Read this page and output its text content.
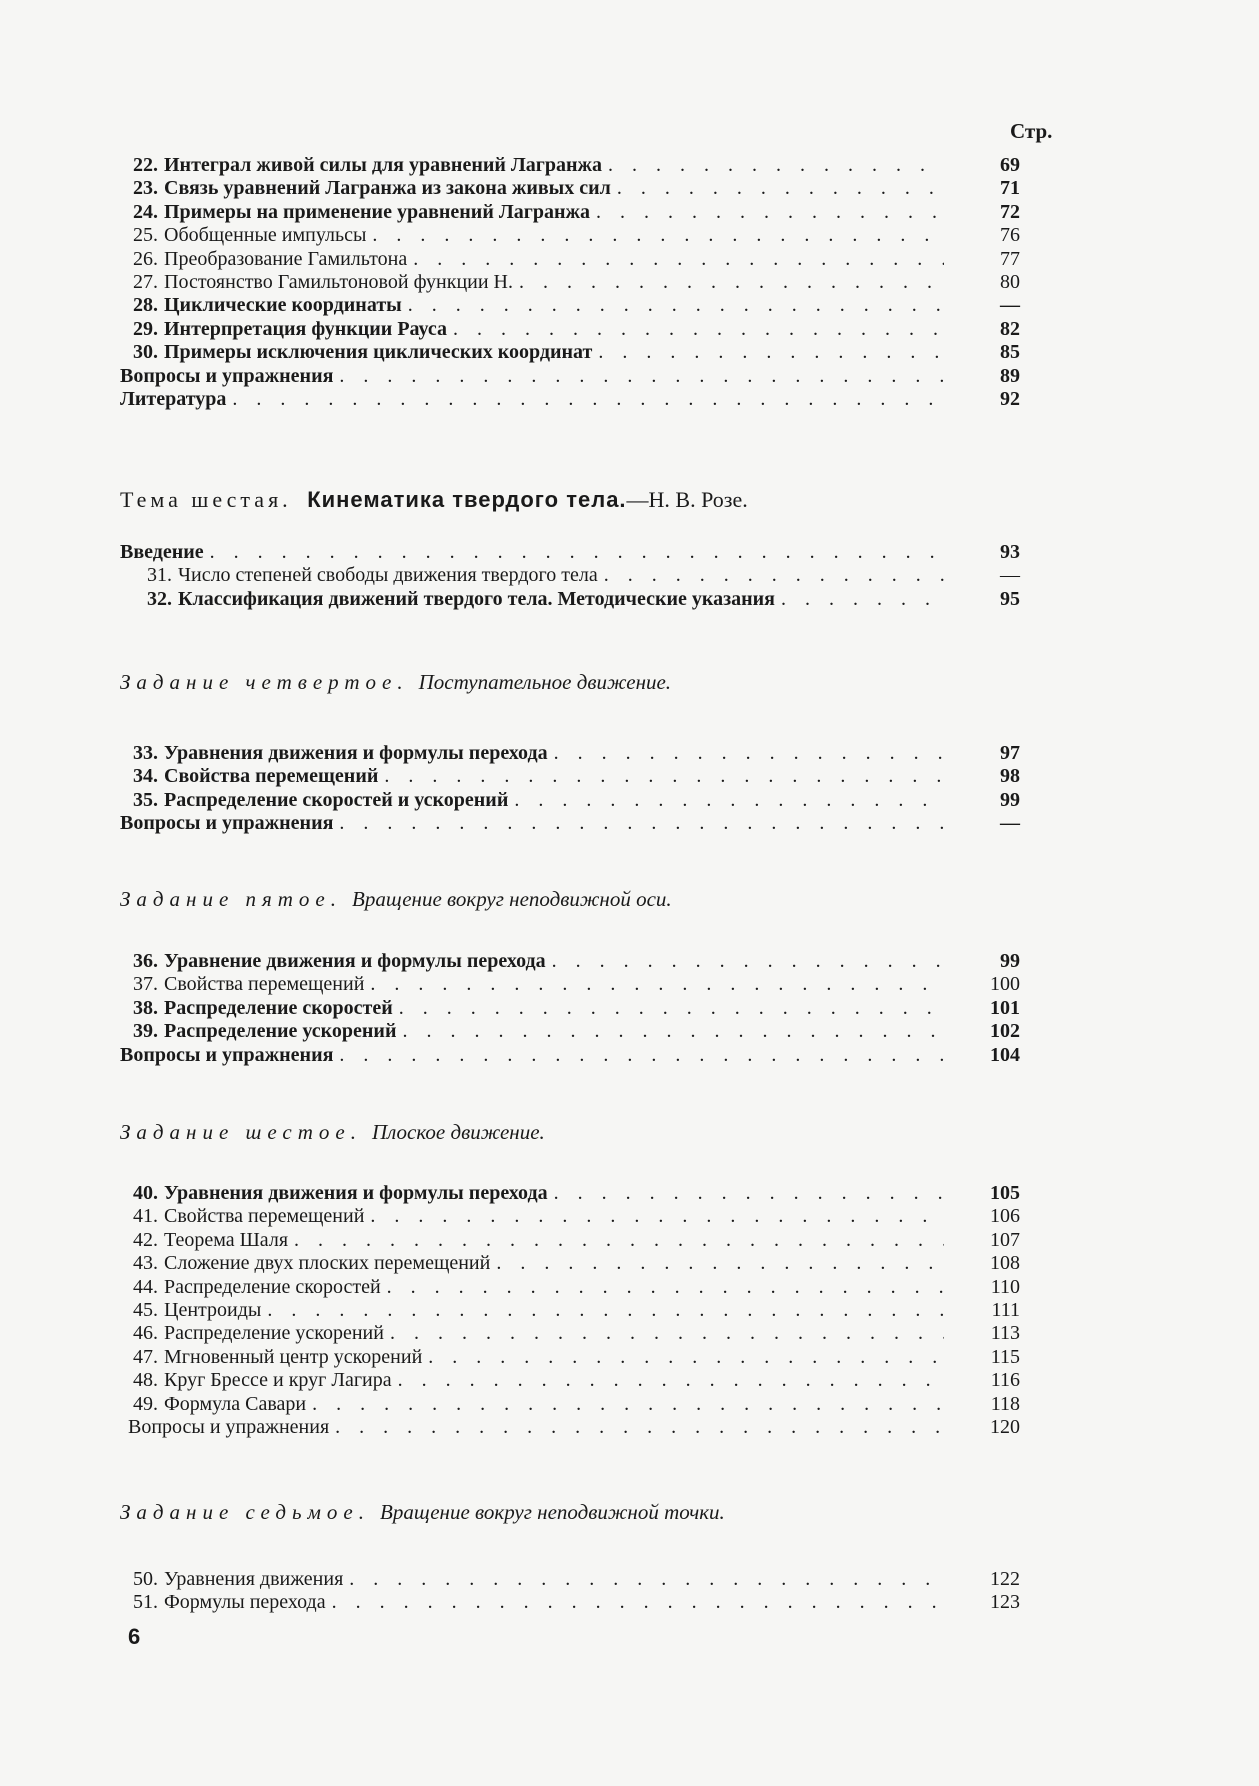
Стр.
22. Интеграл живой силы для уравнений Лагранжа . . .	69
23. Связь уравнений Лагранжа из закона живых сил . . .	71
24. Примеры на применение уравнений Лагранжа . . .	72
25. Обобщенные импульсы . . .	76
26. Преобразование Гамильтона . . .	77
27. Постоянство Гамильтоновой функции Н. . . .	80
28. Циклические координаты . . .	—
29. Интерпретация функции Рауса . . .	82
30. Примеры исключения циклических координат . . .	85
Вопросы и упражнения . . .	89
Литература . . .	92
Тема шестая. Кинематика твердого тела.—Н. В. Розе.
Введение . . .	93
31. Число степеней свободы движения твердого тела . . .	—
32. Классификация движений твердого тела. Методические указания . . .	95
Задание четвертое. Поступательное движение.
33. Уравнения движения и формулы перехода . . .	97
34. Свойства перемещений . . .	98
35. Распределение скоростей и ускорений . . .	99
Вопросы и упражнения . . .	—
Задание пятое. Вращение вокруг неподвижной оси.
36. Уравнение движения и формулы перехода . . .	99
37. Свойства перемещений . . .	100
38. Распределение скоростей . . .	101
39. Распределение ускорений . . .	102
Вопросы и упражнения . . .	104
Задание шестое. Плоское движение.
40. Уравнения движения и формулы перехода . . .	105
41. Свойства перемещений . . .	106
42. Теорема Шаля . . .	107
43. Сложение двух плоских перемещений . . .	108
44. Распределение скоростей . . .	110
45. Центроиды . . .	111
46. Распределение ускорений . . .	113
47. Мгновенный центр ускорений . . .	115
48. Круг Брессе и круг Лагира . . .	116
49. Формула Савари . . .	118
Вопросы и упражнения . . .	120
Задание седьмое. Вращение вокруг неподвижной точки.
50. Уравнения движения . . .	122
51. Формулы перехода . . .	123
6
